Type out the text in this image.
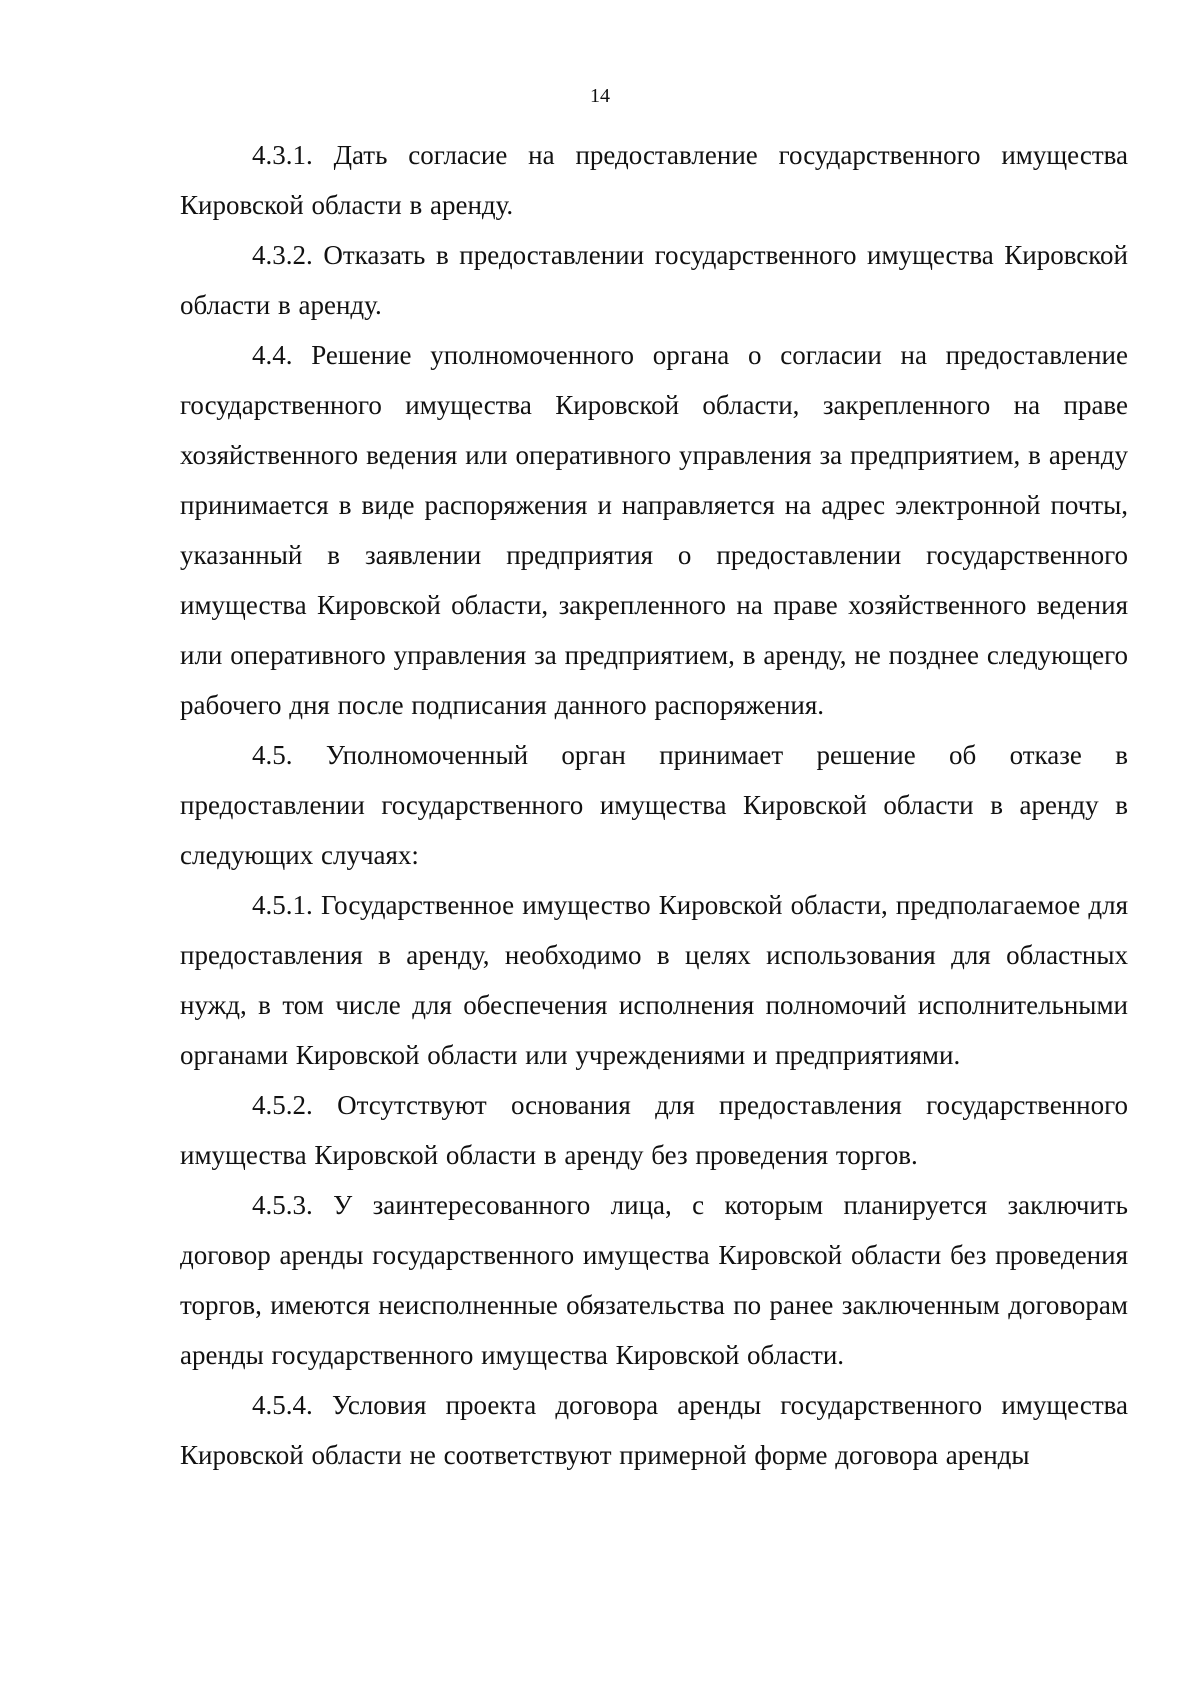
14

4.3.1. Дать согласие на предоставление государственного имущества Кировской области в аренду.

4.3.2. Отказать в предоставлении государственного имущества Кировской области в аренду.

4.4. Решение уполномоченного органа о согласии на предоставление государственного имущества Кировской области, закрепленного на праве хозяйственного ведения или оперативного управления за предприятием, в аренду принимается в виде распоряжения и направляется на адрес электронной почты, указанный в заявлении предприятия о предоставлении государственного имущества Кировской области, закрепленного на праве хозяйственного ведения или оперативного управления за предприятием, в аренду, не позднее следующего рабочего дня после подписания данного распоряжения.

4.5. Уполномоченный орган принимает решение об отказе в предоставлении государственного имущества Кировской области в аренду в следующих случаях:

4.5.1. Государственное имущество Кировской области, предполагаемое для предоставления в аренду, необходимо в целях использования для областных нужд, в том числе для обеспечения исполнения полномочий исполнительными органами Кировской области или учреждениями и предприятиями.

4.5.2. Отсутствуют основания для предоставления государственного имущества Кировской области в аренду без проведения торгов.

4.5.3. У заинтересованного лица, с которым планируется заключить договор аренды государственного имущества Кировской области без проведения торгов, имеются неисполненные обязательства по ранее заключенным договорам аренды государственного имущества Кировской области.

4.5.4. Условия проекта договора аренды государственного имущества Кировской области не соответствуют примерной форме договора аренды
